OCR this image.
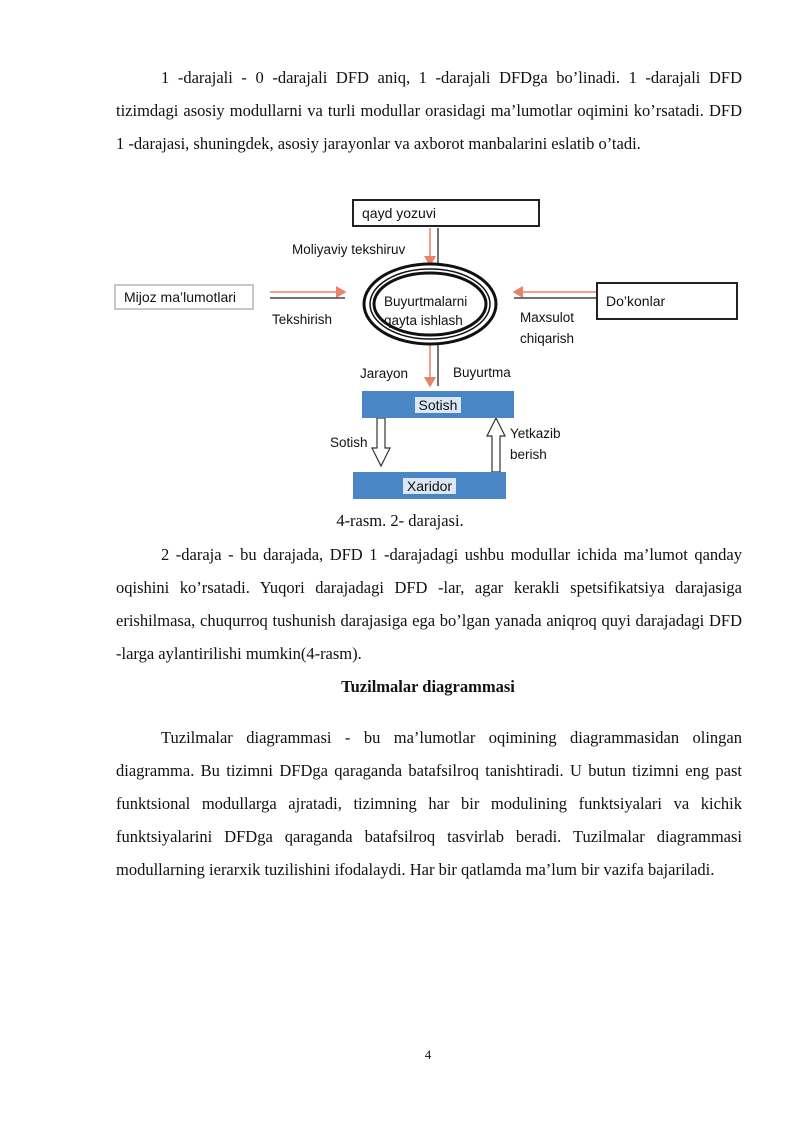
1 -darajali - 0 -darajali DFD aniq, 1 -darajali DFDga bo’linadi. 1 -darajali DFD tizimdagi asosiy modullarni va turli modullar orasidagi ma’lumotlar oqimini ko’rsatadi. DFD 1 -darajasi, shuningdek, asosiy jarayonlar va axborot manbalarini eslatib o’tadi.

qayd yozuvi
Mijoz ma’lumotlari	Do’konlar
Sotish
Xaridor
Buyurtmalarni
qayta ishlash
Moliyaviy tekshiruv
Tekshirish	Maxsulot
chiqarish
Jarayon	Buyurtma
Sotish
Yetkazib
berish

4-rasm. 2- darajasi.

2 -daraja - bu darajada, DFD 1 -darajadagi ushbu modullar ichida ma’lumot qanday oqishini ko’rsatadi. Yuqori darajadagi DFD -lar, agar kerakli spetsifikatsiya darajasiga erishilmasa, chuqurroq tushunish darajasiga ega bo’lgan yanada aniqroq quyi darajadagi DFD -larga aylantirilishi mumkin(4-rasm).

Tuzilmalar diagrammasi

Tuzilmalar diagrammasi - bu ma’lumotlar oqimining diagrammasidan olingan diagramma. Bu tizimni DFDga qaraganda batafsilroq tanishtiradi. U butun tizimni eng past funktsional modullarga ajratadi, tizimning har bir modulining funktsiyalari va kichik funktsiyalarini DFDga qaraganda batafsilroq tasvirlab beradi. Tuzilmalar diagrammasi modullarning ierarxik tuzilishini ifodalaydi. Har bir qatlamda ma’lum bir vazifa bajariladi.

4
